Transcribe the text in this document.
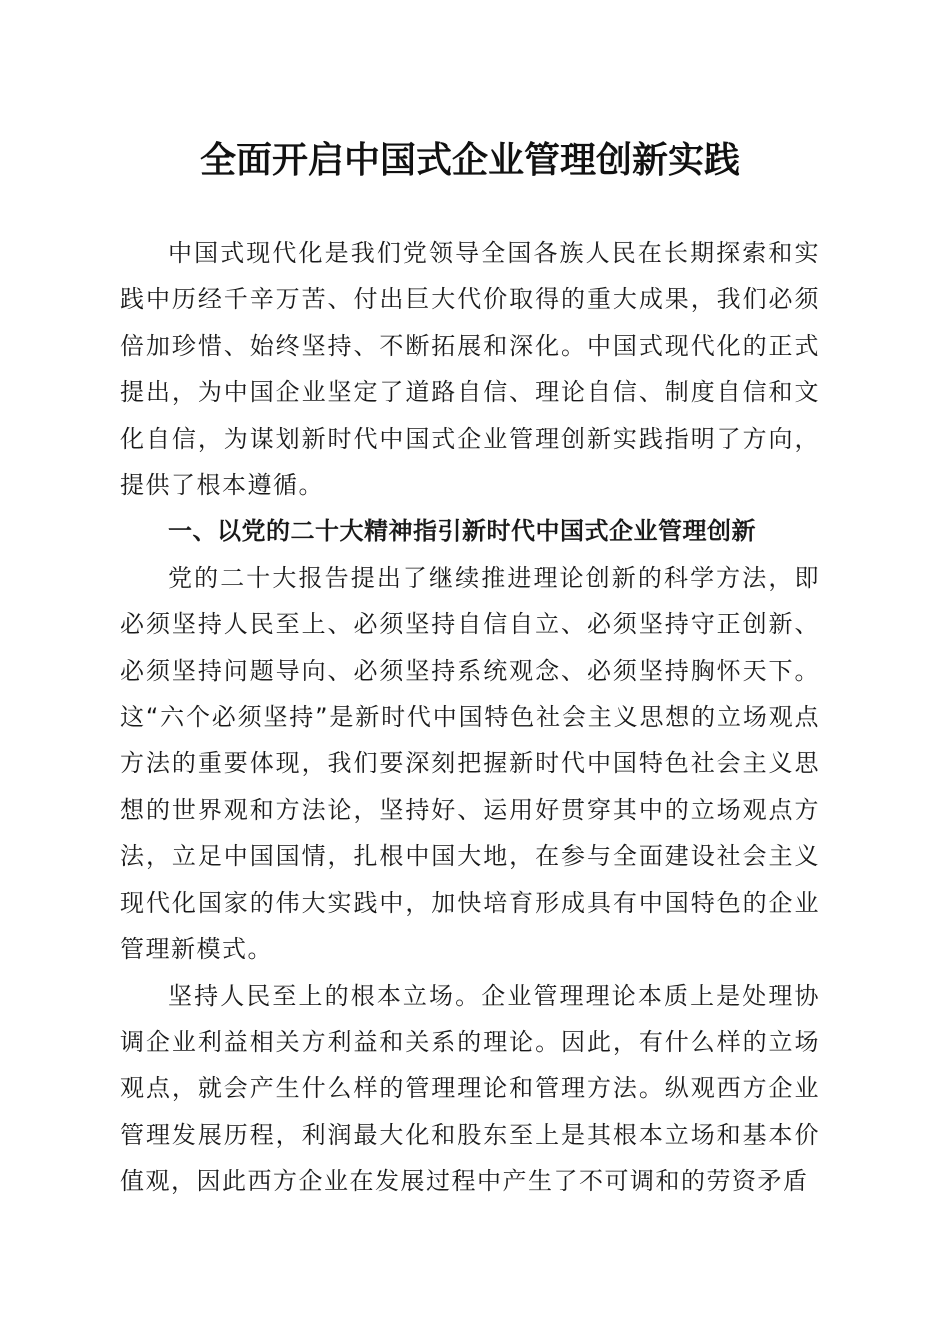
全面开启中国式企业管理创新实践

中国式现代化是我们党领导全国各族人民在长期探索和实践中历经千辛万苦、付出巨大代价取得的重大成果，我们必须倍加珍惜、始终坚持、不断拓展和深化。中国式现代化的正式提出，为中国企业坚定了道路自信、理论自信、制度自信和文化自信，为谋划新时代中国式企业管理创新实践指明了方向，提供了根本遵循。

一、以党的二十大精神指引新时代中国式企业管理创新

党的二十大报告提出了继续推进理论创新的科学方法，即必须坚持人民至上、必须坚持自信自立、必须坚持守正创新、必须坚持问题导向、必须坚持系统观念、必须坚持胸怀天下。这“六个必须坚持”是新时代中国特色社会主义思想的立场观点方法的重要体现，我们要深刻把握新时代中国特色社会主义思想的世界观和方法论，坚持好、运用好贯穿其中的立场观点方法，立足中国国情，扎根中国大地，在参与全面建设社会主义现代化国家的伟大实践中，加快培育形成具有中国特色的企业管理新模式。

坚持人民至上的根本立场。企业管理理论本质上是处理协调企业利益相关方利益和关系的理论。因此，有什么样的立场观点，就会产生什么样的管理理论和管理方法。纵观西方企业管理发展历程，利润最大化和股东至上是其根本立场和基本价值观，因此西方企业在发展过程中产生了不可调和的劳资矛盾
